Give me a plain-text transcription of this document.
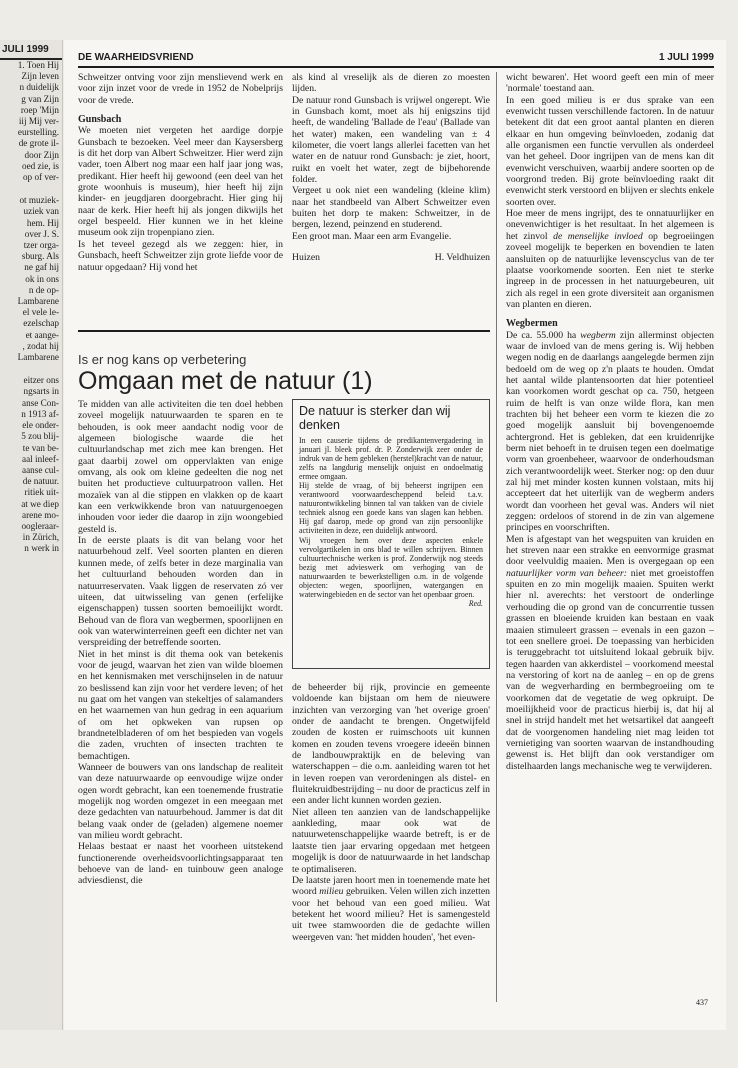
JULI 1999
1. Toen Hij
Zijn leven
n duidelijk
g van Zijn
roep 'Mijn
iij Mij ver-
eurstelling.
de grote il-
door Zijn
oed zie, is
op of ver-
ot muziek-
uziek van
hem. Hij
over J. S.
tzer orga-
sburg. Als
ne gaf hij
ok in ons
n de op-
Lambarene
el vele le-
ezelschap
et aange-
, zodat hij
Lambarene
eitzer ons
ngsarts in
anse Con-
n 1913 af-
ele onder-
5 zou blij-
te van be-
aal inleef-
aanse cul-
de natuur.
ritiek uit-
at we diep
arene mo-
oogleraar-
in Zürich,
n werk in
DE WAARHEIDSVRIEND	1 JULI 1999

Schweitzer ontving voor zijn menslievend werk en voor zijn inzet voor de vrede in 1952 de Nobelprijs voor de vrede.

Gunsbach

We moeten niet vergeten het aardige dorpje Gunsbach te bezoeken. Veel meer dan Kaysersberg is dit het dorp van Albert Schweitzer. Hier werd zijn vader, toen Albert nog maar een half jaar jong was, predikant. Hier heeft hij gewoond (een deel van het grote woonhuis is museum), hier heeft hij zijn kinder- en jeugdjaren doorgebracht. Hier ging hij naar de kerk. Hier heeft hij als jongen dikwijls het orgel bespeeld. Hier kunnen we in het kleine museum ook zijn tropenpiano zien.

Is het teveel gezegd als we zeggen: hier, in Gunsbach, heeft Schweitzer zijn grote liefde voor de natuur opgedaan? Hij vond het

als kind al vreselijk als de dieren zo moesten lijden.

De natuur rond Gunsbach is vrijwel ongerept. Wie in Gunsbach komt, moet als hij enigszins tijd heeft, de wandeling 'Ballade de l'eau' (Ballade van het water) maken, een wandeling van ± 4 kilometer, die voert langs allerlei facetten van het water en de natuur rond Gunsbach: je ziet, hoort, ruikt en voelt het water, zegt de bijbehorende folder.

Vergeet u ook niet een wandeling (kleine klim) naar het standbeeld van Albert Schweitzer even buiten het dorp te maken: Schweitzer, in de bergen, lezend, peinzend en studerend.

Een groot man. Maar een arm Evangelie.

Huizen	H. Veldhuizen
Is er nog kans op verbetering
Omgaan met de natuur (1)

Te midden van alle activiteiten die ten doel hebben zoveel mogelijk natuurwaarden te sparen en te behouden, is ook meer aandacht nodig voor de algemeen biologische waarde die het cultuurlandschap met zich mee kan brengen. Het gaat daarbij zowel om oppervlakten van enige omvang, als ook om kleine gedeelten die nog net buiten het productieve cultuurpatroon vallen. Het mozaïek van al die stippen en vlakken op de kaart kan een verkwikkende bron van natuurgenoegen inhouden voor ieder die daarop in zijn woongebied gesteld is.

In de eerste plaats is dit van belang voor het natuurbehoud zelf. Veel soorten planten en dieren kunnen mede, of zelfs beter in deze marginalia van het cultuurland behouden worden dan in natuurreservaten. Vaak liggen de reservaten zó ver uiteen, dat uitwisseling van genen (erfelijke eigenschappen) tussen soorten bemoeilijkt wordt. Behoud van de flora van wegbermen, spoorlijnen en ook van waterwinterreinen geeft een dichter net van verspreiding der betreffende soorten.

Niet in het minst is dit thema ook van betekenis voor de jeugd, waarvan het zien van wilde bloemen en het kennismaken met verschijnselen in de natuur zo beslissend kan zijn voor het verdere leven; of het nu gaat om het vangen van stekeltjes of salamanders en het waarnemen van hun gedrag in een aquarium of om het opkweken van rupsen op brandnetelbladeren of om het bespieden van vogels die zaden, vruchten of insecten trachten te bemachtigen.

Wanneer de bouwers van ons landschap de realiteit van deze natuurwaarde op eenvoudige wijze onder ogen wordt gebracht, kan een toenemende frustratie mogelijk nog worden omgezet in een meegaan met deze gedachten van natuurbehoud. Jammer is dat dit belang vaak onder de (geladen) algemene noemer van milieu wordt gebracht.

Helaas bestaat er naast het voorheen uitstekend functionerende overheidsvoorlichtingsapparaat ten behoeve van de land- en tuinbouw geen analoge adviesdienst, die

De natuur is sterker dan wij denken

In een causerie tijdens de predikantenvergadering in januari jl. bleek prof. dr. P. Zonderwijk zeer onder de indruk van de hem gebleken (herstel)kracht van de natuur, zelfs na langdurig menselijk onjuist en ondoelmatig ermee omgaan.

Hij stelde de vraag, of bij beheerst ingrijpen een verantwoord voorwaardescheppend beleid t.a.v. natuurontwikkeling binnen tal van takken van de civiele techniek alsnog een goede kans van slagen kan hebben. Hij gaf daarop, mede op grond van zijn persoonlijke activiteiten in deze, een duidelijk antwoord.

Wij vroegen hem over deze aspecten enkele vervolgartikelen in ons blad te willen schrijven. Binnen cultuurtechnische werken is prof. Zonderwijk nog steeds bezig met advieswerk om verhoging van de natuurwaarden te bewerkstelligen o.m. in de volgende objecten: wegen, spoorlijnen, watergangen en waterwingebieden en de sector van het openbaar groen.

Red.

de beheerder bij rijk, provincie en gemeente voldoende kan bijstaan om hem de nieuwere inzichten van verzorging van 'het overige groen' onder de aandacht te brengen. Ongetwijfeld zouden de kosten er ruimschoots uit kunnen komen en zouden tevens vroegere ideeën binnen de landbouwpraktijk en de beleving van waterschappen – die o.m. aanleiding waren tot het in leven roepen van verordeningen als distel- en fluitekruidbestrijding – nu door de practicus zelf in een ander licht kunnen worden gezien.

Niet alleen ten aanzien van de landschappelijke aankleding, maar ook wat de natuurwetenschappelijke waarde betreft, is er de laatste tien jaar ervaring opgedaan met hetgeen mogelijk is door de natuurwaarde in het landschap te optimaliseren.

De laatste jaren hoort men in toenemende mate het woord milieu gebruiken. Velen willen zich inzetten voor het behoud van een goed milieu. Wat betekent het woord milieu? Het is samengesteld uit twee stamwoorden die de gedachte willen weergeven van: 'het midden houden', 'het even-

wicht bewaren'. Het woord geeft een min of meer 'normale' toestand aan.

In een goed milieu is er dus sprake van een evenwicht tussen verschillende factoren. In de natuur betekent dit dat een groot aantal planten en dieren elkaar en hun omgeving beïnvloeden, zodanig dat alle organismen een functie vervullen als onderdeel van het geheel. Door ingrijpen van de mens kan dit evenwicht verschuiven, waarbij andere soorten op de voorgrond treden. Bij grote beïnvloeding raakt dit evenwicht sterk verstoord en blijven er slechts enkele soorten over.

Hoe meer de mens ingrijpt, des te onnatuurlijker en onevenwichtiger is het resultaat. In het algemeen is het zinvol de menselijke invloed op begroeiingen zoveel mogelijk te beperken en bovendien te laten aansluiten op de natuurlijke levenscyclus van de ter plaatse voorkomende soorten. Een niet te sterke ingreep in de processen in het natuurgebeuren, uit zich als regel in een grote diversiteit aan organismen van planten en dieren.

Wegbermen

De ca. 55.000 ha wegberm zijn allerminst objecten waar de invloed van de mens gering is. Wij hebben wegen nodig en de daarlangs aangelegde bermen zijn bedoeld om de weg op z'n plaats te houden. Omdat het aantal wilde plantensoorten dat hier potentieel kan voorkomen wordt geschat op ca. 750, hetgeen ruim de helft is van onze wilde flora, kan men trachten bij het beheer een vorm te kiezen die zo goed mogelijk aansluit bij bovengenoemde achtergrond. Het is gebleken, dat een kruidenrijke berm niet behoeft in te druisen tegen een doelmatige vorm van groenbeheer, waarvoor de onderhoudsman zich verantwoordelijk weet. Sterker nog: op den duur zal hij met minder kosten kunnen volstaan, mits hij accepteert dat het uiterlijk van de wegberm anders wordt dan voorheen het geval was. Anders wil niet zeggen: ordeloos of storend in de zin van algemene principes en voorschriften.

Men is afgestapt van het wegspuiten van kruiden en het streven naar een strakke en eenvormige grasmat door veelvuldig maaien. Men is overgegaan op een natuurlijker vorm van beheer: niet met groeistoffen spuiten en zo min mogelijk maaien. Spuiten werkt hier nl. averechts: het verstoort de onderlinge verhouding die op grond van de concurrentie tussen grassen en bloeiende kruiden kan bestaan en vaak maaien stimuleert grassen – evenals in een gazon – tot een snellere groei. De toepassing van herbiciden is teruggebracht tot uitsluitend lokaal gebruik bijv. tegen haarden van akkerdistel – voorkomend meestal na verstoring of kort na de aanleg – en op de grens van de wegverharding en bermbegroeiing om te voorkomen dat de vegetatie de weg opkruipt. De moeilijkheid voor de practicus hierbij is, dat hij al snel in strijd handelt met het wetsartikel dat aangeeft dat de voorgenomen handeling niet mag leiden tot vernietiging van soorten waarvan de instandhouding gewenst is. Het blijft dan ook verstandiger om distelhaarden langs mechanische weg te verwijderen.

437
